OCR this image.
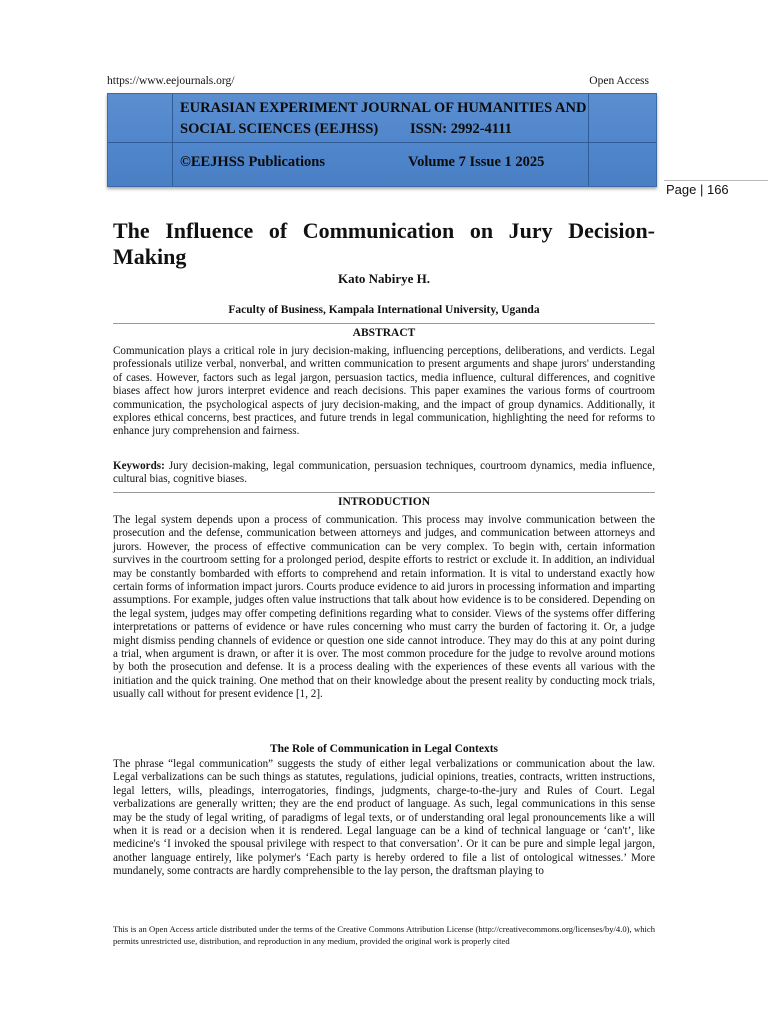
https://www.eejournals.org/	Open Access
EURASIAN EXPERIMENT JOURNAL OF HUMANITIES AND
SOCIAL SCIENCES (EEJHSS) ISSN: 2992-4111
©EEJHSS Publications	Volume 7 Issue 1 2025
Page | 166
The Influence of Communication on Jury Decision-Making
Kato Nabirye H.
Faculty of Business, Kampala International University, Uganda
ABSTRACT

Communication plays a critical role in jury decision-making, influencing perceptions, deliberations, and verdicts. Legal professionals utilize verbal, nonverbal, and written communication to present arguments and shape jurors' understanding of cases. However, factors such as legal jargon, persuasion tactics, media influence, cultural differences, and cognitive biases affect how jurors interpret evidence and reach decisions. This paper examines the various forms of courtroom communication, the psychological aspects of jury decision-making, and the impact of group dynamics. Additionally, it explores ethical concerns, best practices, and future trends in legal communication, highlighting the need for reforms to enhance jury comprehension and fairness.

Keywords: Jury decision-making, legal communication, persuasion techniques, courtroom dynamics, media influence, cultural bias, cognitive biases.

INTRODUCTION

The legal system depends upon a process of communication. This process may involve communication between the prosecution and the defense, communication between attorneys and judges, and communication between attorneys and jurors. However, the process of effective communication can be very complex. To begin with, certain information survives in the courtroom setting for a prolonged period, despite efforts to restrict or exclude it. In addition, an individual may be constantly bombarded with efforts to comprehend and retain information. It is vital to understand exactly how certain forms of information impact jurors. Courts produce evidence to aid jurors in processing information and imparting assumptions. For example, judges often value instructions that talk about how evidence is to be considered. Depending on the legal system, judges may offer competing definitions regarding what to consider. Views of the systems offer differing interpretations or patterns of evidence or have rules concerning who must carry the burden of factoring it. Or, a judge might dismiss pending channels of evidence or question one side cannot introduce. They may do this at any point during a trial, when argument is drawn, or after it is over. The most common procedure for the judge to revolve around motions by both the prosecution and defense. It is a process dealing with the experiences of these events all various with the initiation and the quick training. One method that on their knowledge about the present reality by conducting mock trials, usually call without for present evidence [1, 2].

The Role of Communication in Legal Contexts

The phrase “legal communication” suggests the study of either legal verbalizations or communication about the law. Legal verbalizations can be such things as statutes, regulations, judicial opinions, treaties, contracts, written instructions, legal letters, wills, pleadings, interrogatories, findings, judgments, charge-to-the-jury and Rules of Court. Legal verbalizations are generally written; they are the end product of language. As such, legal communications in this sense may be the study of legal writing, of paradigms of legal texts, or of understanding oral legal pronouncements like a will when it is read or a decision when it is rendered. Legal language can be a kind of technical language or ‘can't’, like medicine's ‘I invoked the spousal privilege with respect to that conversation’. Or it can be pure and simple legal jargon, another language entirely, like polymer's ‘Each party is hereby ordered to file a list of ontological witnesses.’ More mundanely, some contracts are hardly comprehensible to the lay person, the draftsman playing to

This is an Open Access article distributed under the terms of the Creative Commons Attribution License (http://creativecommons.org/licenses/by/4.0), which permits unrestricted use, distribution, and reproduction in any medium, provided the original work is properly cited
